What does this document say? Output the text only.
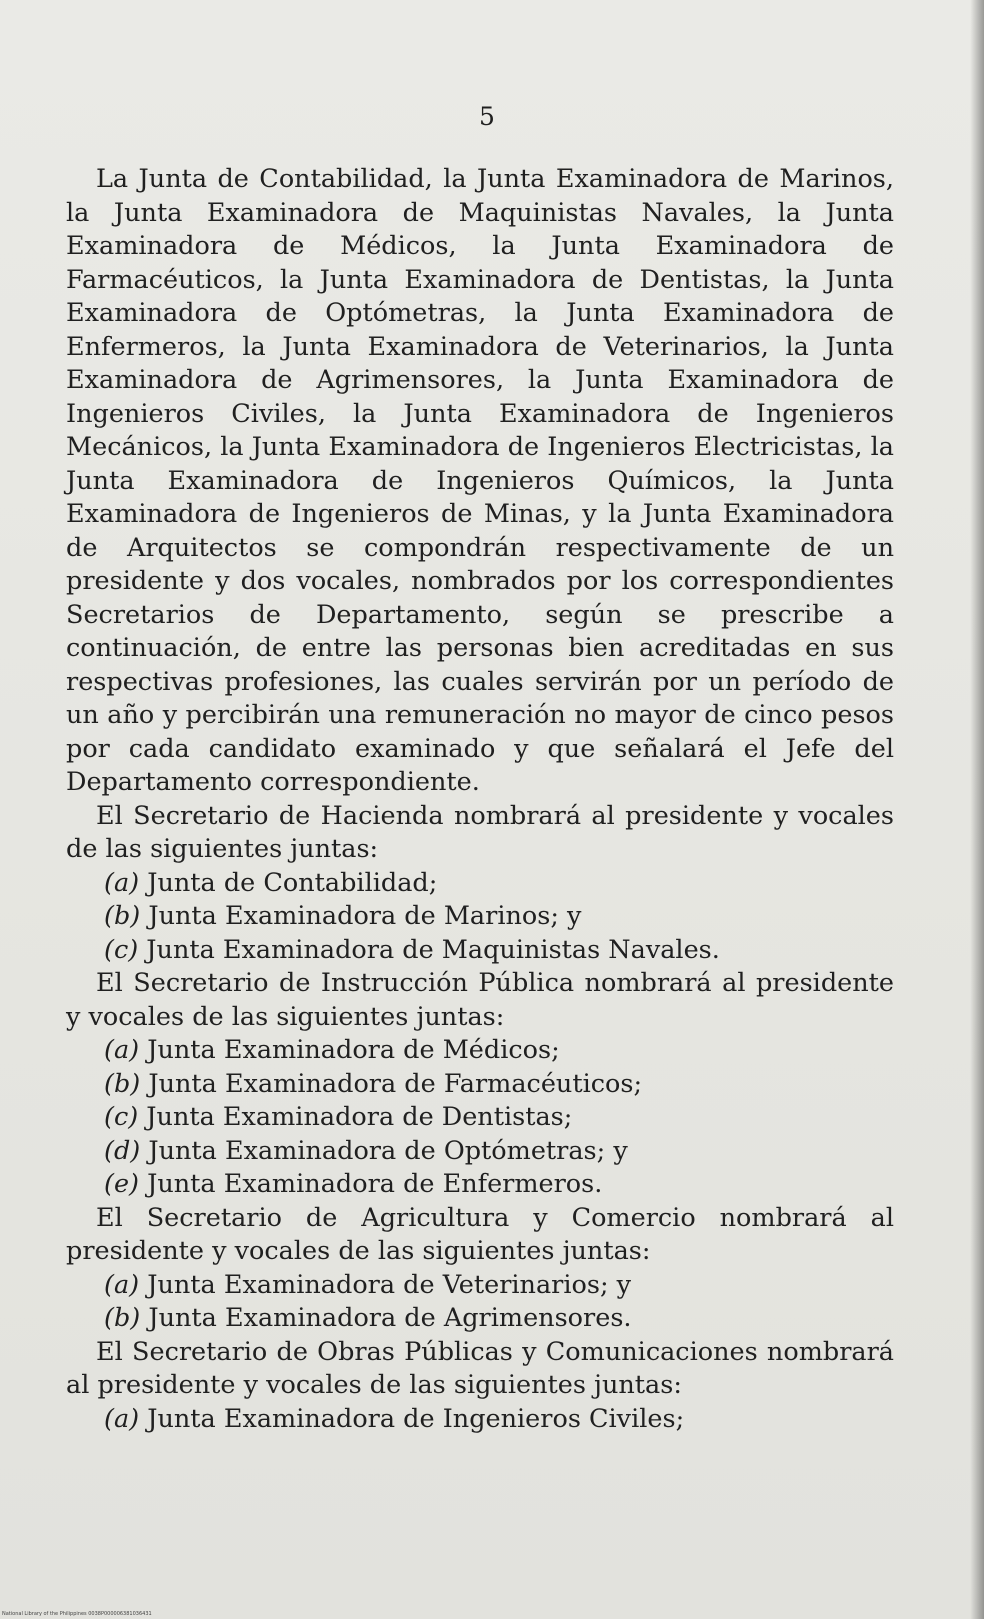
5

La Junta de Contabilidad, la Junta Examinadora de Marinos, la Junta Examinadora de Maquinistas Navales, la Junta Examinadora de Médicos, la Junta Examinadora de Farmacéuticos, la Junta Examinadora de Dentistas, la Junta Examinadora de Optómetras, la Junta Examinadora de Enfermeros, la Junta Examinadora de Veterinarios, la Junta Examinadora de Agrimensores, la Junta Examinadora de Ingenieros Civiles, la Junta Examinadora de Ingenieros Mecánicos, la Junta Examinadora de Ingenieros Electricistas, la Junta Examinadora de Ingenieros Químicos, la Junta Examinadora de Ingenieros de Minas, y la Junta Examinadora de Arquitectos se compondrán respectivamente de un presidente y dos vocales, nombrados por los correspondientes Secretarios de Departamento, según se prescribe a continuación, de entre las personas bien acreditadas en sus respectivas profesiones, las cuales servirán por un período de un año y percibirán una remuneración no mayor de cinco pesos por cada candidato examinado y que señalará el Jefe del Departamento correspondiente.

El Secretario de Hacienda nombrará al presidente y vocales de las siguientes juntas:

(a) Junta de Contabilidad;

(b) Junta Examinadora de Marinos; y

(c) Junta Examinadora de Maquinistas Navales.

El Secretario de Instrucción Pública nombrará al presidente y vocales de las siguientes juntas:

(a) Junta Examinadora de Médicos;

(b) Junta Examinadora de Farmacéuticos;

(c) Junta Examinadora de Dentistas;

(d) Junta Examinadora de Optómetras; y

(e) Junta Examinadora de Enfermeros.

El Secretario de Agricultura y Comercio nombrará al presidente y vocales de las siguientes juntas:

(a) Junta Examinadora de Veterinarios; y

(b) Junta Examinadora de Agrimensores.

El Secretario de Obras Públicas y Comunicaciones nombrará al presidente y vocales de las siguientes juntas:

(a) Junta Examinadora de Ingenieros Civiles;

National Library of the Philippines 0038P000006381036431
